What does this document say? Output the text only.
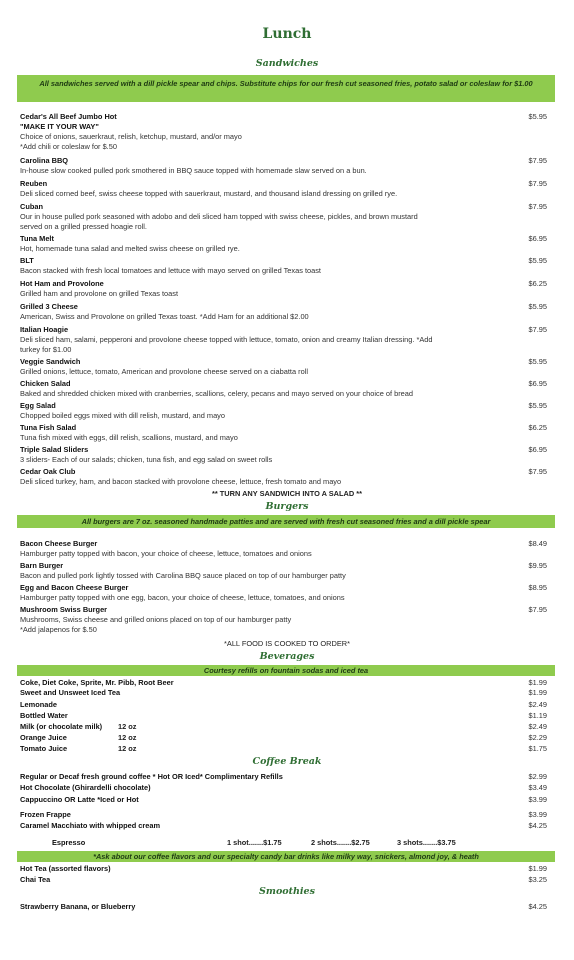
Lunch
Sandwiches
All sandwiches served with a dill pickle spear and chips. Substitute chips for our fresh cut seasoned fries, potato salad or coleslaw for $1.00
Cedar's All Beef Jumbo Hot
"MAKE IT YOUR WAY"
Choice of onions, sauerkraut, relish, ketchup, mustard, and/or mayo
*Add chili or coleslaw for $.50
$5.95
Carolina BBQ
In-house slow cooked pulled pork smothered in BBQ sauce topped with homemade slaw served on a bun.
$7.95
Reuben
Deli sliced corned beef, swiss cheese topped with sauerkraut, mustard, and thousand island dressing on grilled rye.
$7.95
Cuban
Our in house pulled pork seasoned with adobo and deli sliced ham topped with swiss cheese, pickles, and brown mustard
served on a grilled pressed hoagie roll.
$7.95
Tuna Melt
Hot, homemade tuna salad and melted swiss cheese on grilled rye.
$6.95
BLT
Bacon stacked with fresh local tomatoes and lettuce with mayo served on grilled Texas toast
$5.95
Hot Ham and Provolone
Grilled ham and provolone on grilled Texas toast
$6.25
Grilled 3 Cheese
American, Swiss and Provolone on grilled Texas toast. *Add Ham for an additional $2.00
$5.95
Italian Hoagie
Deli sliced ham, salami, pepperoni and provolone cheese topped with lettuce, tomato, onion and creamy Italian dressing. *Add
turkey for $1.00
$7.95
Veggie Sandwich
Grilled onions, lettuce, tomato, American and provolone cheese served on a ciabatta roll
$5.95
Chicken Salad
Baked and shredded chicken mixed with cranberries, scallions, celery, pecans and mayo served on your choice of bread
$6.95
Egg Salad
Chopped boiled eggs mixed with dill relish, mustard, and mayo
$5.95
Tuna Fish Salad
Tuna fish mixed with eggs, dill relish, scallions, mustard, and mayo
$6.25
Triple Salad Sliders
3 sliders- Each of our salads; chicken, tuna fish, and egg salad on sweet rolls
$6.95
Cedar Oak Club
Deli sliced turkey, ham, and bacon stacked with provolone cheese, lettuce, fresh tomato and mayo
$7.95
** TURN ANY SANDWICH INTO A SALAD **
Burgers
All burgers are 7 oz. seasoned handmade patties and are served with fresh cut seasoned fries and a dill pickle spear
Bacon Cheese Burger
Hamburger patty topped with bacon, your choice of cheese, lettuce, tomatoes and onions
$8.49
Barn Burger
Bacon and pulled pork lightly tossed with Carolina BBQ sauce placed on top of our hamburger patty
$9.95
Egg and Bacon Cheese Burger
Hamburger patty topped with one egg, bacon, your choice of cheese, lettuce, tomatoes, and onions
$8.95
Mushroom Swiss Burger
Mushrooms, Swiss cheese and grilled onions placed on top of our hamburger patty
*Add jalapenos for $.50
$7.95
*ALL FOOD IS COOKED TO ORDER*
Beverages
Courtesy refills on fountain sodas and iced tea
Coke, Diet Coke, Sprite, Mr. Pibb, Root Beer	$1.99
Sweet and Unsweet Iced Tea	$1.99
Lemonade	$2.49
Bottled Water	$1.19
Milk (or chocolate milk) 12 oz	$2.49
Orange Juice	12 oz	$2.29
Tomato Juice	12 oz	$1.75
Coffee Break
Regular or Decaf fresh ground coffee * Hot OR Iced* Complimentary Refills	$2.99
Hot Chocolate (Ghirardelli chocolate)	$3.49
Cappuccino OR Latte *Iced or Hot	$3.99
Frozen Frappe	$3.99
Caramel Macchiato with whipped cream	$4.25
Espresso	1 shot.......$1.75	2 shots.......$2.75	3 shots.......$3.75
*Ask about our coffee flavors and our specialty candy bar drinks like milky way, snickers, almond joy, & heath
Hot Tea (assorted flavors)	$1.99
Chai Tea	$3.25
Smoothies
Strawberry Banana, or Blueberry	$4.25
